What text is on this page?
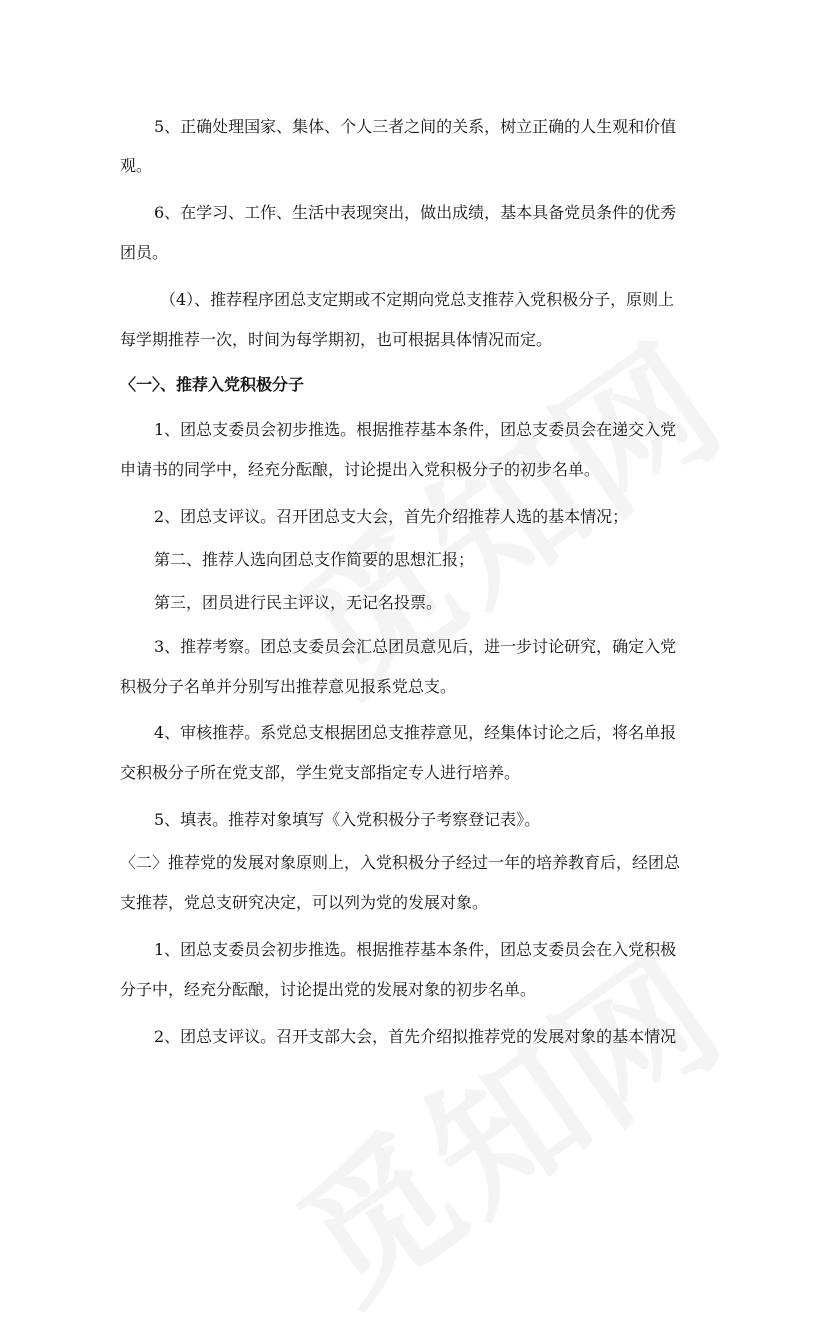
5、正确处理国家、集体、个人三者之间的关系，树立正确的人生观和价值
观。
6、在学习、工作、生活中表现突出，做出成绩，基本具备党员条件的优秀
团员。
（4）、推荐程序团总支定期或不定期向党总支推荐入党积极分子，原则上
每学期推荐一次，时间为每学期初，也可根据具体情况而定。
〈一〉、推荐入党积极分子
1、团总支委员会初步推选。根据推荐基本条件，团总支委员会在递交入党
申请书的同学中，经充分酝酿，讨论提出入党积极分子的初步名单。
2、团总支评议。召开团总支大会，首先介绍推荐人选的基本情况；
第二、推荐人选向团总支作简要的思想汇报；
第三，团员进行民主评议，无记名投票。
3、推荐考察。团总支委员会汇总团员意见后，进一步讨论研究，确定入党
积极分子名单并分别写出推荐意见报系党总支。
4、审核推荐。系党总支根据团总支推荐意见，经集体讨论之后，将名单报
交积极分子所在党支部，学生党支部指定专人进行培养。
5、填表。推荐对象填写《入党积极分子考察登记表》。
〈二〉推荐党的发展对象原则上，入党积极分子经过一年的培养教育后，经团总
支推荐，党总支研究决定，可以列为党的发展对象。
1、团总支委员会初步推选。根据推荐基本条件，团总支委员会在入党积极
分子中，经充分酝酿，讨论提出党的发展对象的初步名单。
2、团总支评议。召开支部大会，首先介绍拟推荐党的发展对象的基本情况
